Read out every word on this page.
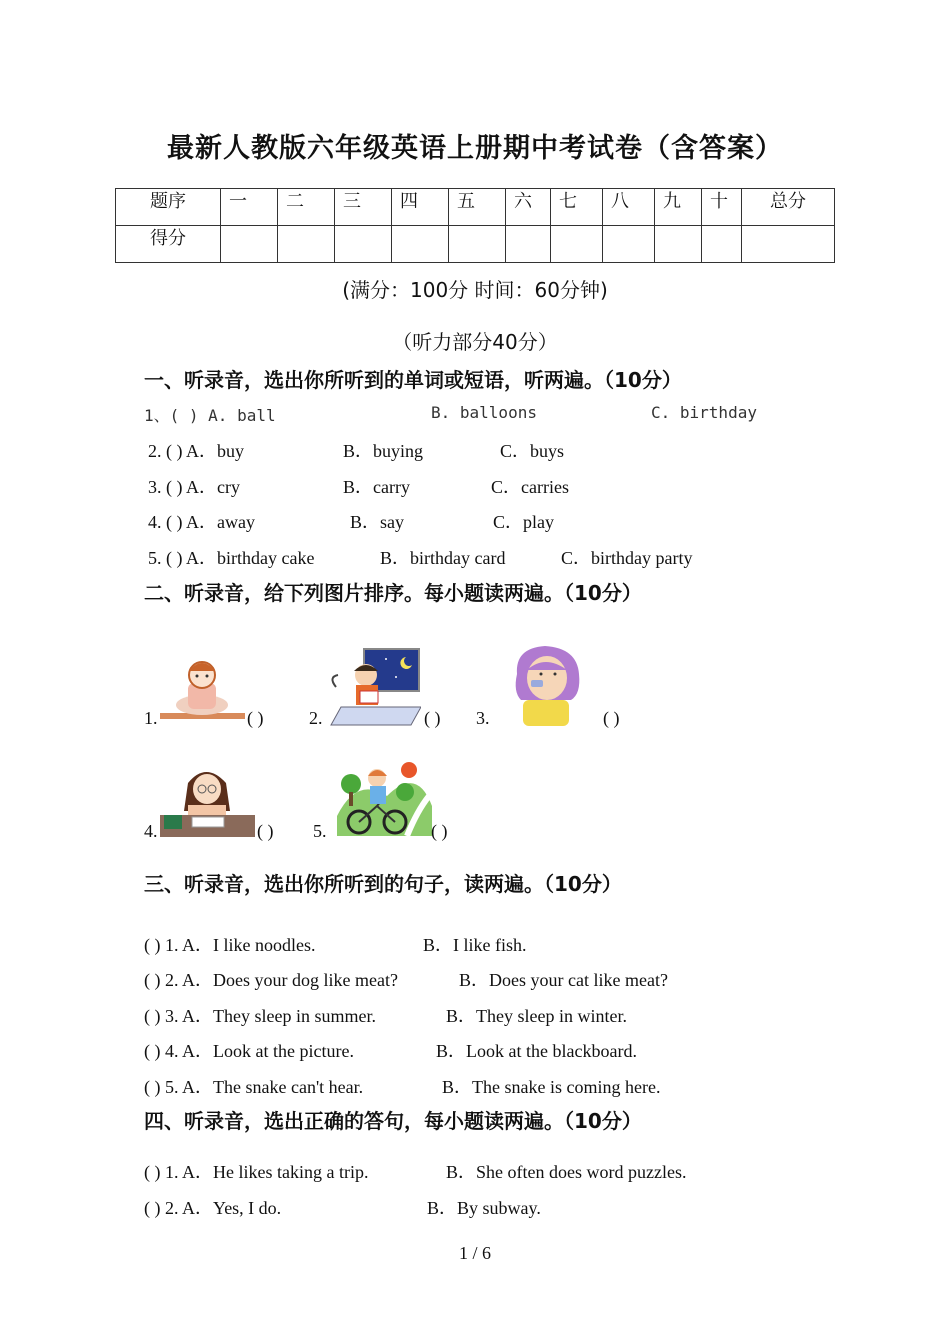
最新人教版六年级英语上册期中考试卷（含答案）
题序	一	二	三	四	五	六	七	八	九	十	总分
得分											
(满分：100分 时间：60分钟)
（听力部分40分）
一、听录音，选出你所听到的单词或短语，听两遍。（10分）
1、( ) A. ball	B. balloons	C. birthday
2. ( ) A．buy	B．buying	C．buys
3. ( ) A．cry	B．carry	C．carries
4. ( ) A．away	B．say	C．play
5. ( ) A．birthday cake	B．birthday card	C．birthday party
二、听录音，给下列图片排序。每小题读两遍。（10分）
1.	( )	2.	( ) 3.	( )
4.	( ) 5.	( )
三、听录音，选出你所听到的句子，读两遍。（10分）
( ) 1. A．I like noodles.	B．I like fish.
( ) 2. A．Does your dog like meat?	B．Does your cat like meat?
( ) 3. A．They sleep in summer.	B．They sleep in winter.
( ) 4. A．Look at the picture.	B．Look at the blackboard.
( ) 5. A．The snake can't hear.	B．The snake is coming here.
四、听录音，选出正确的答句，每小题读两遍。（10分）
( ) 1. A．He likes taking a trip.	B．She often does word puzzles.
( ) 2. A．Yes, I do.	B．By subway.
1 / 6
